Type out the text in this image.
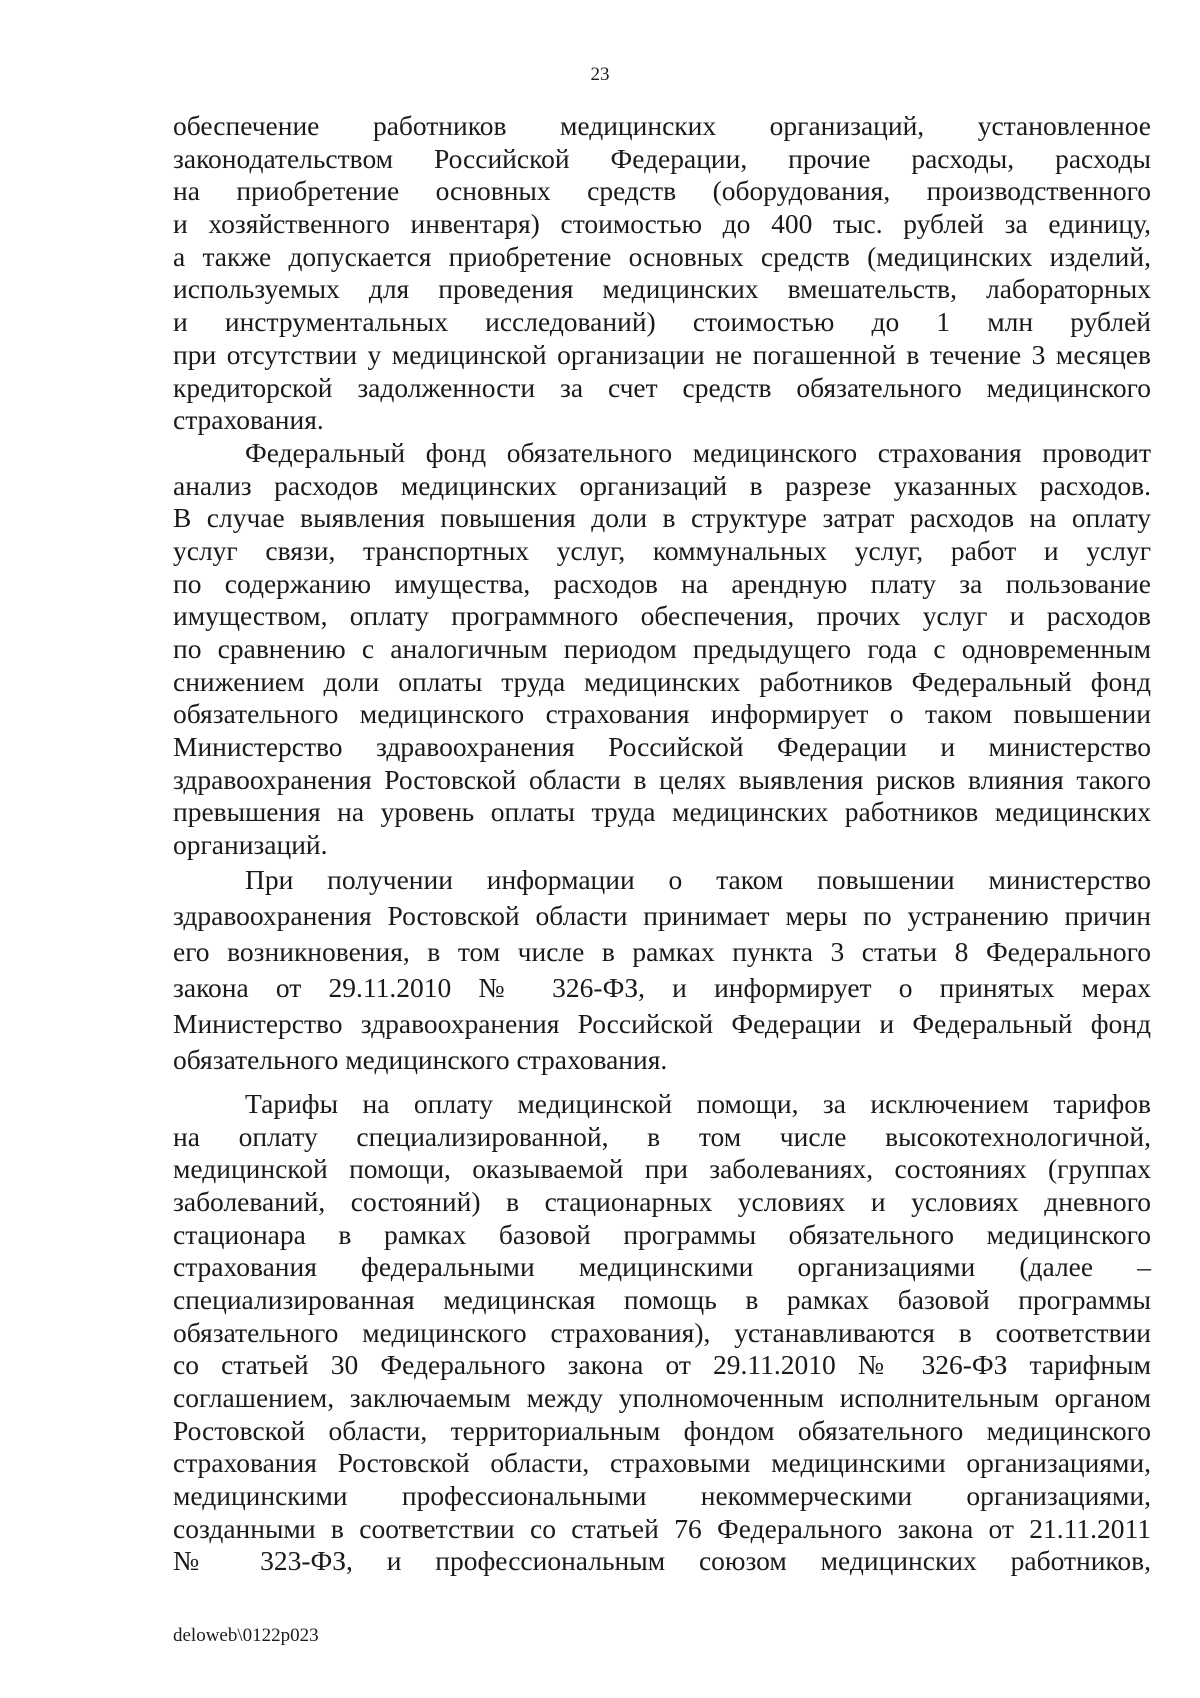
23
обеспечение работников медицинских организаций, установленное
законодательством Российской Федерации, прочие расходы, расходы
на приобретение основных средств (оборудования, производственного
и хозяйственного инвентаря) стоимостью до 400 тыс. рублей за единицу,
а также допускается приобретение основных средств (медицинских изделий,
используемых для проведения медицинских вмешательств, лабораторных
и инструментальных исследований) стоимостью до 1 млн рублей
при отсутствии у медицинской организации не погашенной в течение 3 месяцев
кредиторской задолженности за счет средств обязательного медицинского
страхования.
Федеральный фонд обязательного медицинского страхования проводит
анализ расходов медицинских организаций в разрезе указанных расходов.
В случае выявления повышения доли в структуре затрат расходов на оплату
услуг связи, транспортных услуг, коммунальных услуг, работ и услуг
по содержанию имущества, расходов на арендную плату за пользование
имуществом, оплату программного обеспечения, прочих услуг и расходов
по сравнению с аналогичным периодом предыдущего года с одновременным
снижением доли оплаты труда медицинских работников Федеральный фонд
обязательного медицинского страхования информирует о таком повышении
Министерство здравоохранения Российской Федерации и министерство
здравоохранения Ростовской области в целях выявления рисков влияния такого
превышения на уровень оплаты труда медицинских работников медицинских
организаций.
При получении информации о таком повышении министерство
здравоохранения Ростовской области принимает меры по устранению причин
его возникновения, в том числе в рамках пункта 3 статьи 8 Федерального
закона от 29.11.2010 № 326-ФЗ, и информирует о принятых мерах
Министерство здравоохранения Российской Федерации и Федеральный фонд
обязательного медицинского страхования.
Тарифы на оплату медицинской помощи, за исключением тарифов
на оплату специализированной, в том числе высокотехнологичной,
медицинской помощи, оказываемой при заболеваниях, состояниях (группах
заболеваний, состояний) в стационарных условиях и условиях дневного
стационара в рамках базовой программы обязательного медицинского
страхования федеральными медицинскими организациями (далее –
специализированная медицинская помощь в рамках базовой программы
обязательного медицинского страхования), устанавливаются в соответствии
со статьей 30 Федерального закона от 29.11.2010 № 326-ФЗ тарифным
соглашением, заключаемым между уполномоченным исполнительным органом
Ростовской области, территориальным фондом обязательного медицинского
страхования Ростовской области, страховыми медицинскими организациями,
медицинскими профессиональными некоммерческими организациями,
созданными в соответствии со статьей 76 Федерального закона от 21.11.2011
№ 323-ФЗ, и профессиональным союзом медицинских работников,
deloweb\0122p023
